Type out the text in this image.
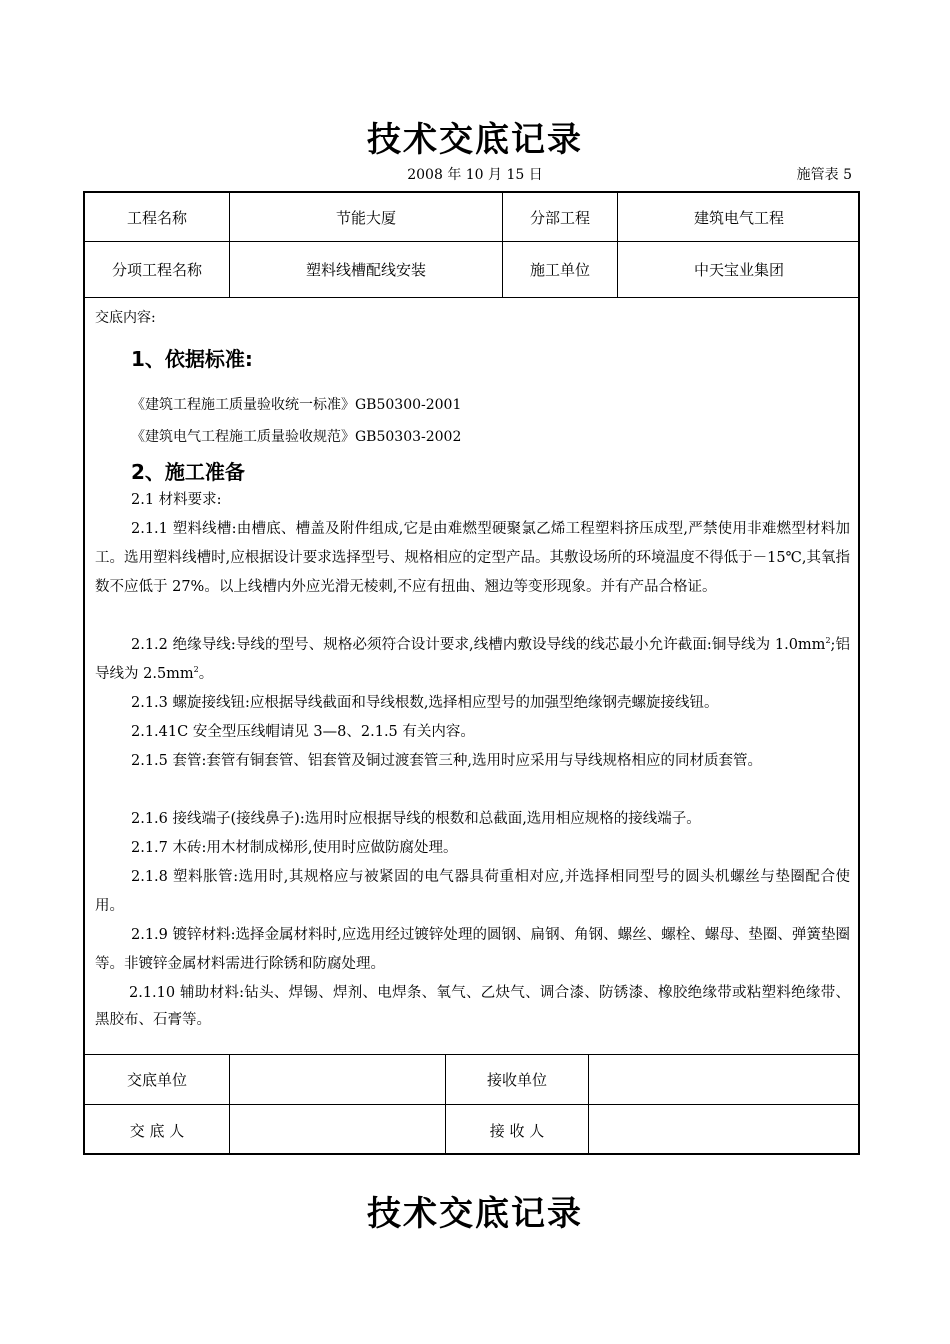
技术交底记录
2008 年 10 月 15 日	施管表 5
工程名称	节能大厦	分部工程	建筑电气工程
分项工程名称	塑料线槽配线安装	施工单位	中天宝业集团
交底内容:
1、依据标准:
《建筑工程施工质量验收统一标准》GB50300-2001
《建筑电气工程施工质量验收规范》GB50303-2002
2、施工准备
2.1 材料要求:
2.1.1 塑料线槽:由槽底、槽盖及附件组成,它是由难燃型硬聚氯乙烯工程塑料挤压成型,严禁使用非难燃型材料加工。选用塑料线槽时,应根据设计要求选择型号、规格相应的定型产品。其敷设场所的环境温度不得低于－15℃,其氧指数不应低于 27%。以上线槽内外应光滑无棱刺,不应有扭曲、翘边等变形现象。并有产品合格证。
2.1.2 绝缘导线:导线的型号、规格必须符合设计要求,线槽内敷设导线的线芯最小允许截面:铜导线为 $1.0mm^2$;铝导线为 $2.5mm^2$。
2.1.3 螺旋接线钮:应根据导线截面和导线根数,选择相应型号的加强型绝缘钢壳螺旋接线钮。
2.1.41C 安全型压线帽请见 3—8、2.1.5 有关内容。
2.1.5 套管:套管有铜套管、铝套管及铜过渡套管三种,选用时应采用与导线规格相应的同材质套管。
2.1.6 接线端子(接线鼻子):选用时应根据导线的根数和总截面,选用相应规格的接线端子。
2.1.7 木砖:用木材制成梯形,使用时应做防腐处理。
2.1.8 塑料胀管:选用时,其规格应与被紧固的电气器具荷重相对应,并选择相同型号的圆头机螺丝与垫圈配合使用。
2.1.9 镀锌材料:选择金属材料时,应选用经过镀锌处理的圆钢、扁钢、角钢、螺丝、螺栓、螺母、垫圈、弹簧垫圈等。非镀锌金属材料需进行除锈和防腐处理。
2.1.10 辅助材料:钻头、焊锡、焊剂、电焊条、氧气、乙炔气、调合漆、防锈漆、橡胶绝缘带或粘塑料绝缘带、黑胶布、石膏等。
交底单位	接收单位
交 底 人	接 收 人
技术交底记录
